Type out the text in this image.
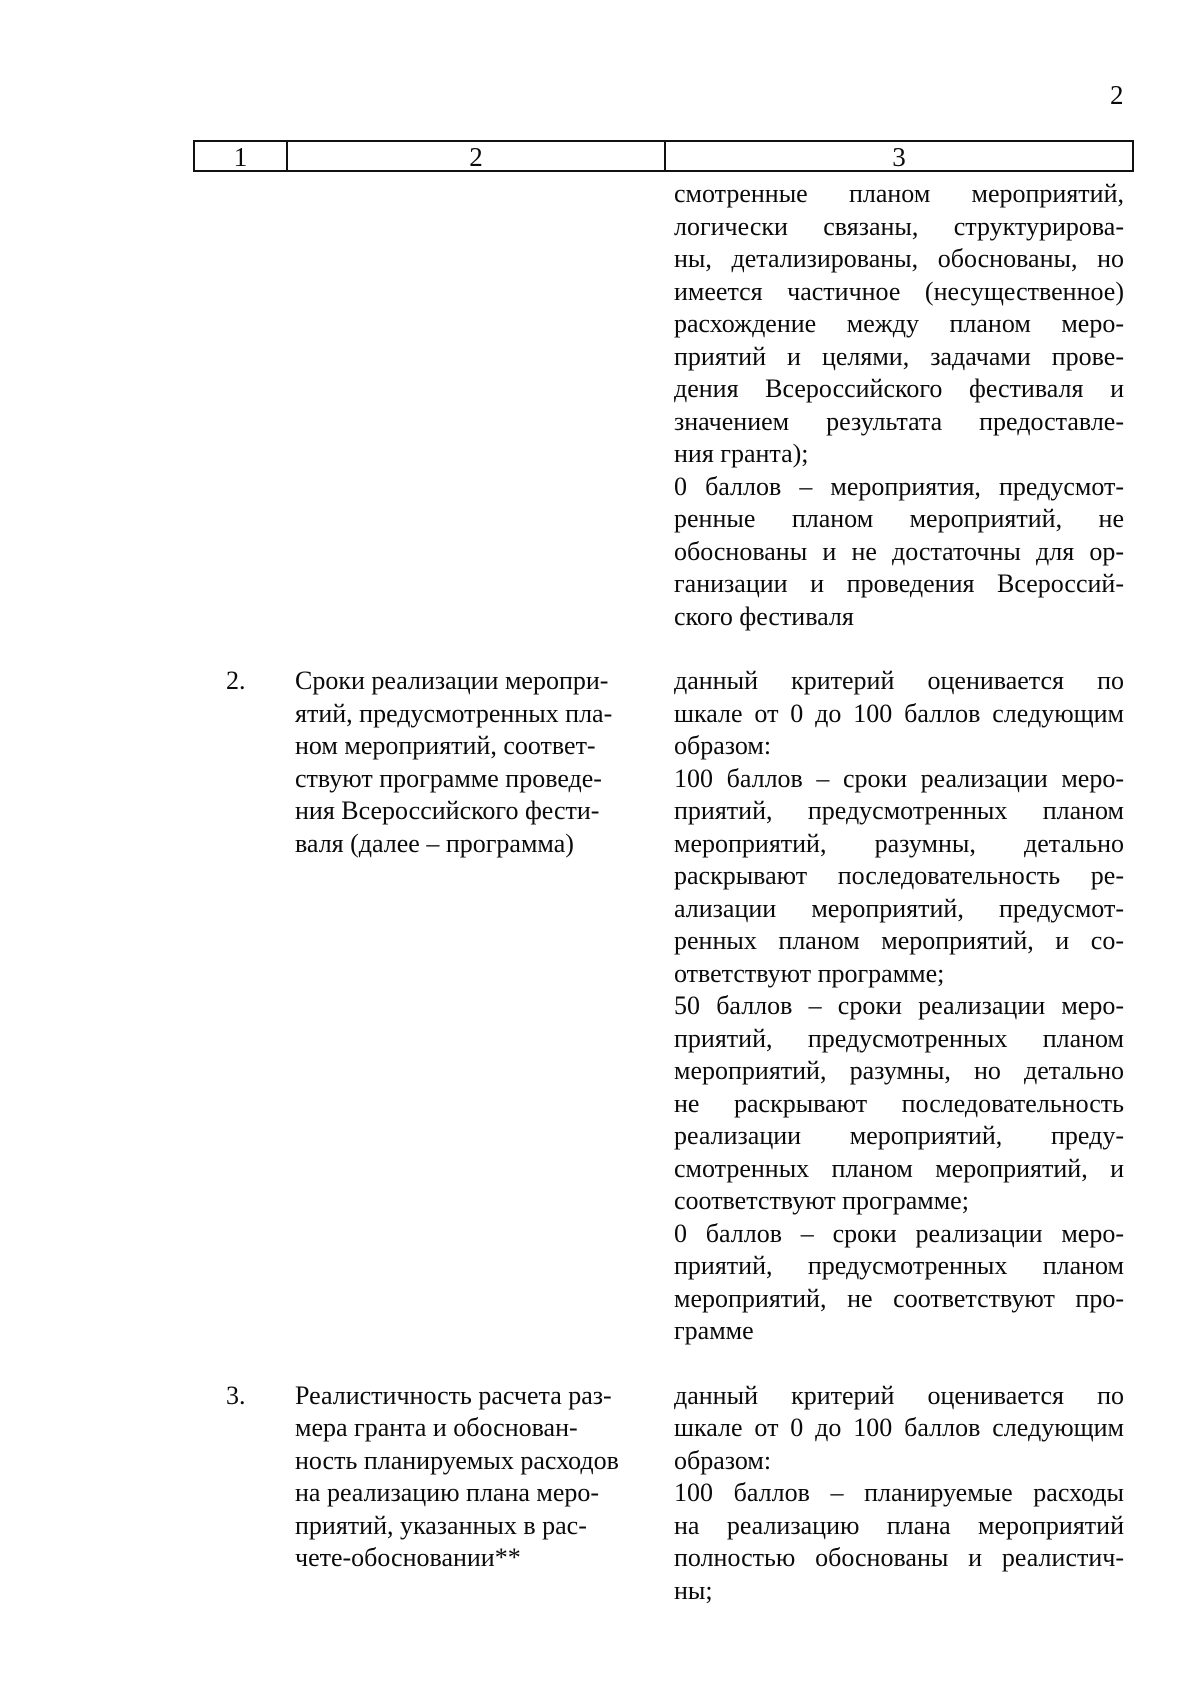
2
1	2	3
смотренные планом мероприятий,
логически связаны, структурирова-
ны, детализированы, обоснованы, но
имеется частичное (несущественное)
расхождение между планом меро-
приятий и целями, задачами прове-
дения Всероссийского фестиваля и
значением результата предоставле-
ния гранта);
0 баллов – мероприятия, предусмот-
ренные планом мероприятий, не
обоснованы и не достаточны для ор-
ганизации и проведения Всероссий-
ского фестиваля
2. Сроки реализации меропри-
ятий, предусмотренных пла-
ном мероприятий, соответ-
ствуют программе проведе-
ния Всероссийского фести-
валя (далее – программа)
данный критерий оценивается по
шкале от 0 до 100 баллов следующим
образом:
100 баллов – сроки реализации меро-
приятий, предусмотренных планом
мероприятий, разумны, детально
раскрывают последовательность ре-
ализации мероприятий, предусмот-
ренных планом мероприятий, и со-
ответствуют программе;
50 баллов – сроки реализации меро-
приятий, предусмотренных планом
мероприятий, разумны, но детально
не раскрывают последовательность
реализации мероприятий, преду-
смотренных планом мероприятий, и
соответствуют программе;
0 баллов – сроки реализации меро-
приятий, предусмотренных планом
мероприятий, не соответствуют про-
грамме
3. Реалистичность расчета раз-
мера гранта и обоснован-
ность планируемых расходов
на реализацию плана меро-
приятий, указанных в рас-
чете-обосновании**
данный критерий оценивается по
шкале от 0 до 100 баллов следующим
образом:
100 баллов – планируемые расходы
на реализацию плана мероприятий
полностью обоснованы и реалистич-
ны;
